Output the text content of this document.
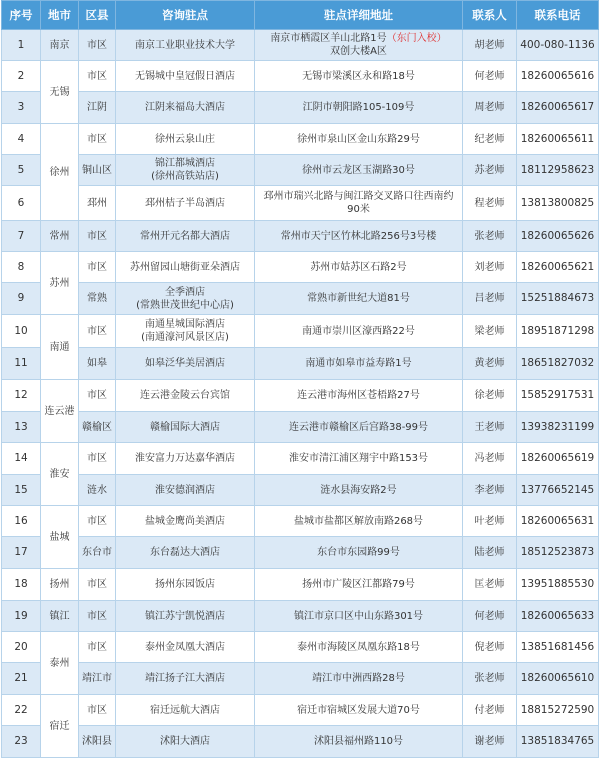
序号	地市	区县	咨询驻点	驻点详细地址	联系人	联系电话
1	南京	市区	南京工业职业技术大学	南京市栖霞区羊山北路1号（东门入校）
双创大楼A区	胡老师	400-080-1136
2	无锡	市区	无锡城中皇冠假日酒店	无锡市梁溪区永和路18号	何老师	18260065616
3		江阴	江阴来福岛大酒店	江阴市朝阳路105-109号	周老师	18260065617
4	徐州	市区	徐州云泉山庄	徐州市泉山区金山东路29号	纪老师	18260065611
5		铜山区	锦江都城酒店
(徐州高铁站店)	徐州市云龙区玉湖路30号	苏老师	18112958623
6		邳州	邳州桔子半岛酒店	邳州市瑞兴北路与闽江路交叉路口往西南约
90米	程老师	13813800825
7	常州	市区	常州开元名都大酒店	常州市天宁区竹林北路256号3号楼	张老师	18260065626
8	苏州	市区	苏州留园山塘街亚朵酒店	苏州市姑苏区石路2号	刘老师	18260065621
9		常熟	全季酒店
(常熟世茂世纪中心店)	常熟市新世纪大道81号	吕老师	15251884673
10	南通	市区	南通星城国际酒店
(南通濠河风景区店)	南通市崇川区濠西路22号	梁老师	18951871298
11		如皋	如皋泛华美居酒店	南通市如皋市益寿路1号	黄老师	18651827032
12	连云港	市区	连云港金陵云台宾馆	连云港市海州区苍梧路27号	徐老师	15852917531
13		赣榆区	赣榆国际大酒店	连云港市赣榆区后宫路38-99号	王老师	13938231199
14	淮安	市区	淮安富力万达嘉华酒店	淮安市清江浦区翔宇中路153号	冯老师	18260065619
15		涟水	淮安德润酒店	涟水县海安路2号	李老师	13776652145
16	盐城	市区	盐城金鹰尚美酒店	盐城市盐都区解放南路268号	叶老师	18260065631
17		东台市	东台磊达大酒店	东台市东园路99号	陆老师	18512523873
18	扬州	市区	扬州东园饭店	扬州市广陵区江都路79号	匡老师	13951885530
19	镇江	市区	镇江苏宁凯悦酒店	镇江市京口区中山东路301号	何老师	18260065633
20	泰州	市区	泰州金凤凰大酒店	泰州市海陵区凤凰东路18号	倪老师	13851681456
21		靖江市	靖江扬子江大酒店	靖江市中洲西路28号	张老师	18260065610
22	宿迁	市区	宿迁远航大酒店	宿迁市宿城区发展大道70号	付老师	18815272590
23		沭阳县	沭阳大酒店	沭阳县福州路110号	谢老师	13851834765
